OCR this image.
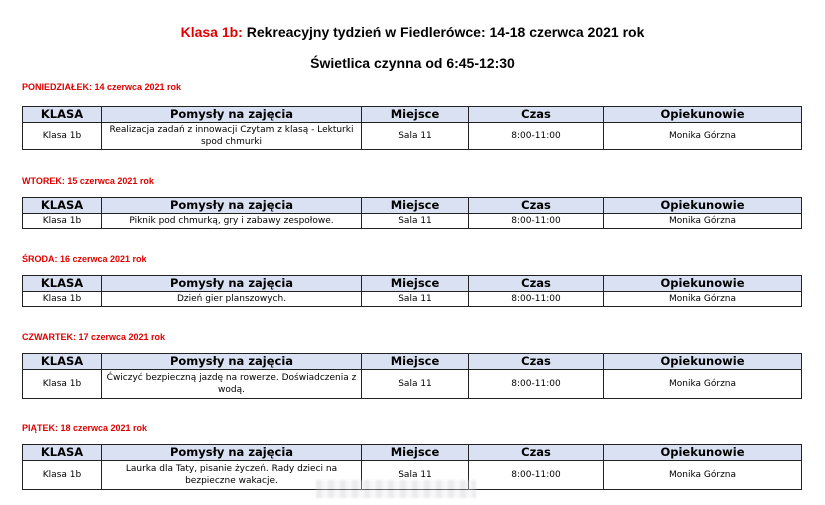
Klasa 1b: Rekreacyjny tydzień w Fiedlerówce: 14-18 czerwca 2021 rok
Świetlica czynna od 6:45-12:30
PONIEDZIAŁEK: 14 czerwca 2021 rok
KLASA	Pomysły na zajęcia	Miejsce	Czas	Opiekunowie
Klasa 1b	Realizacja zadań z innowacji Czytam z klasą - Lekturki spod chmurki	Sala 11	8:00-11:00	Monika Górzna
WTOREK: 15 czerwca 2021 rok
KLASA	Pomysły na zajęcia	Miejsce	Czas	Opiekunowie
Klasa 1b	Piknik pod chmurką, gry i zabawy zespołowe.	Sala 11	8:00-11:00	Monika Górzna
ŚRODA: 16 czerwca 2021 rok
KLASA	Pomysły na zajęcia	Miejsce	Czas	Opiekunowie
Klasa 1b	Dzień gier planszowych.	Sala 11	8:00-11:00	Monika Górzna
CZWARTEK: 17 czerwca 2021 rok
KLASA	Pomysły na zajęcia	Miejsce	Czas	Opiekunowie
Klasa 1b	Ćwiczyć bezpieczną jazdę na rowerze. Doświadczenia z wodą.	Sala 11	8:00-11:00	Monika Górzna
PIĄTEK: 18 czerwca 2021 rok
KLASA	Pomysły na zajęcia	Miejsce	Czas	Opiekunowie
Klasa 1b	Laurka dla Taty, pisanie życzeń. Rady dzieci na bezpieczne wakacje.	Sala 11	8:00-11:00	Monika Górzna
